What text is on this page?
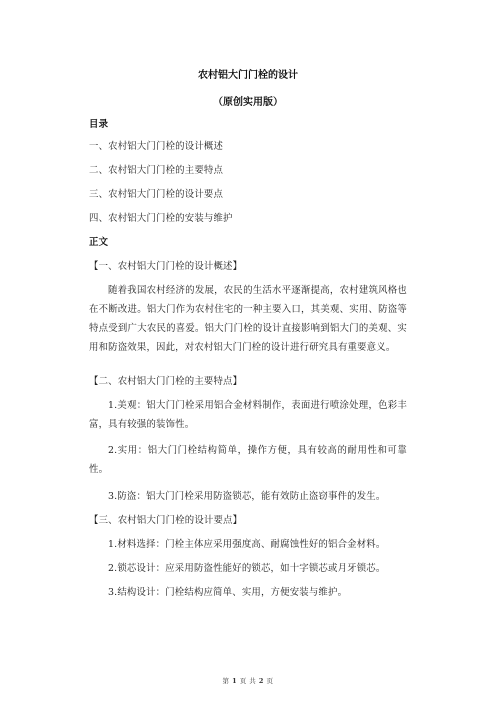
农村铝大门门栓的设计
（原创实用版）
目录
一、农村铝大门门栓的设计概述
二、农村铝大门门栓的主要特点
三、农村铝大门门栓的设计要点
四、农村铝大门门栓的安装与维护
正文
【一、农村铝大门门栓的设计概述】
随着我国农村经济的发展，农民的生活水平逐渐提高，农村建筑风格也在不断改进。铝大门作为农村住宅的一种主要入口，其美观、实用、防盗等特点受到广大农民的喜爱。铝大门门栓的设计直接影响到铝大门的美观、实用和防盗效果，因此，对农村铝大门门栓的设计进行研究具有重要意义。
【二、农村铝大门门栓的主要特点】
1.美观：铝大门门栓采用铝合金材料制作，表面进行喷涂处理，色彩丰富，具有较强的装饰性。
2.实用：铝大门门栓结构简单，操作方便，具有较高的耐用性和可靠性。
3.防盗：铝大门门栓采用防盗锁芯，能有效防止盗窃事件的发生。
【三、农村铝大门门栓的设计要点】
1.材料选择：门栓主体应采用强度高、耐腐蚀性好的铝合金材料。
2.锁芯设计：应采用防盗性能好的锁芯，如十字锁芯或月牙锁芯。
3.结构设计：门栓结构应简单、实用，方便安装与维护。
第 1 页 共 2 页
